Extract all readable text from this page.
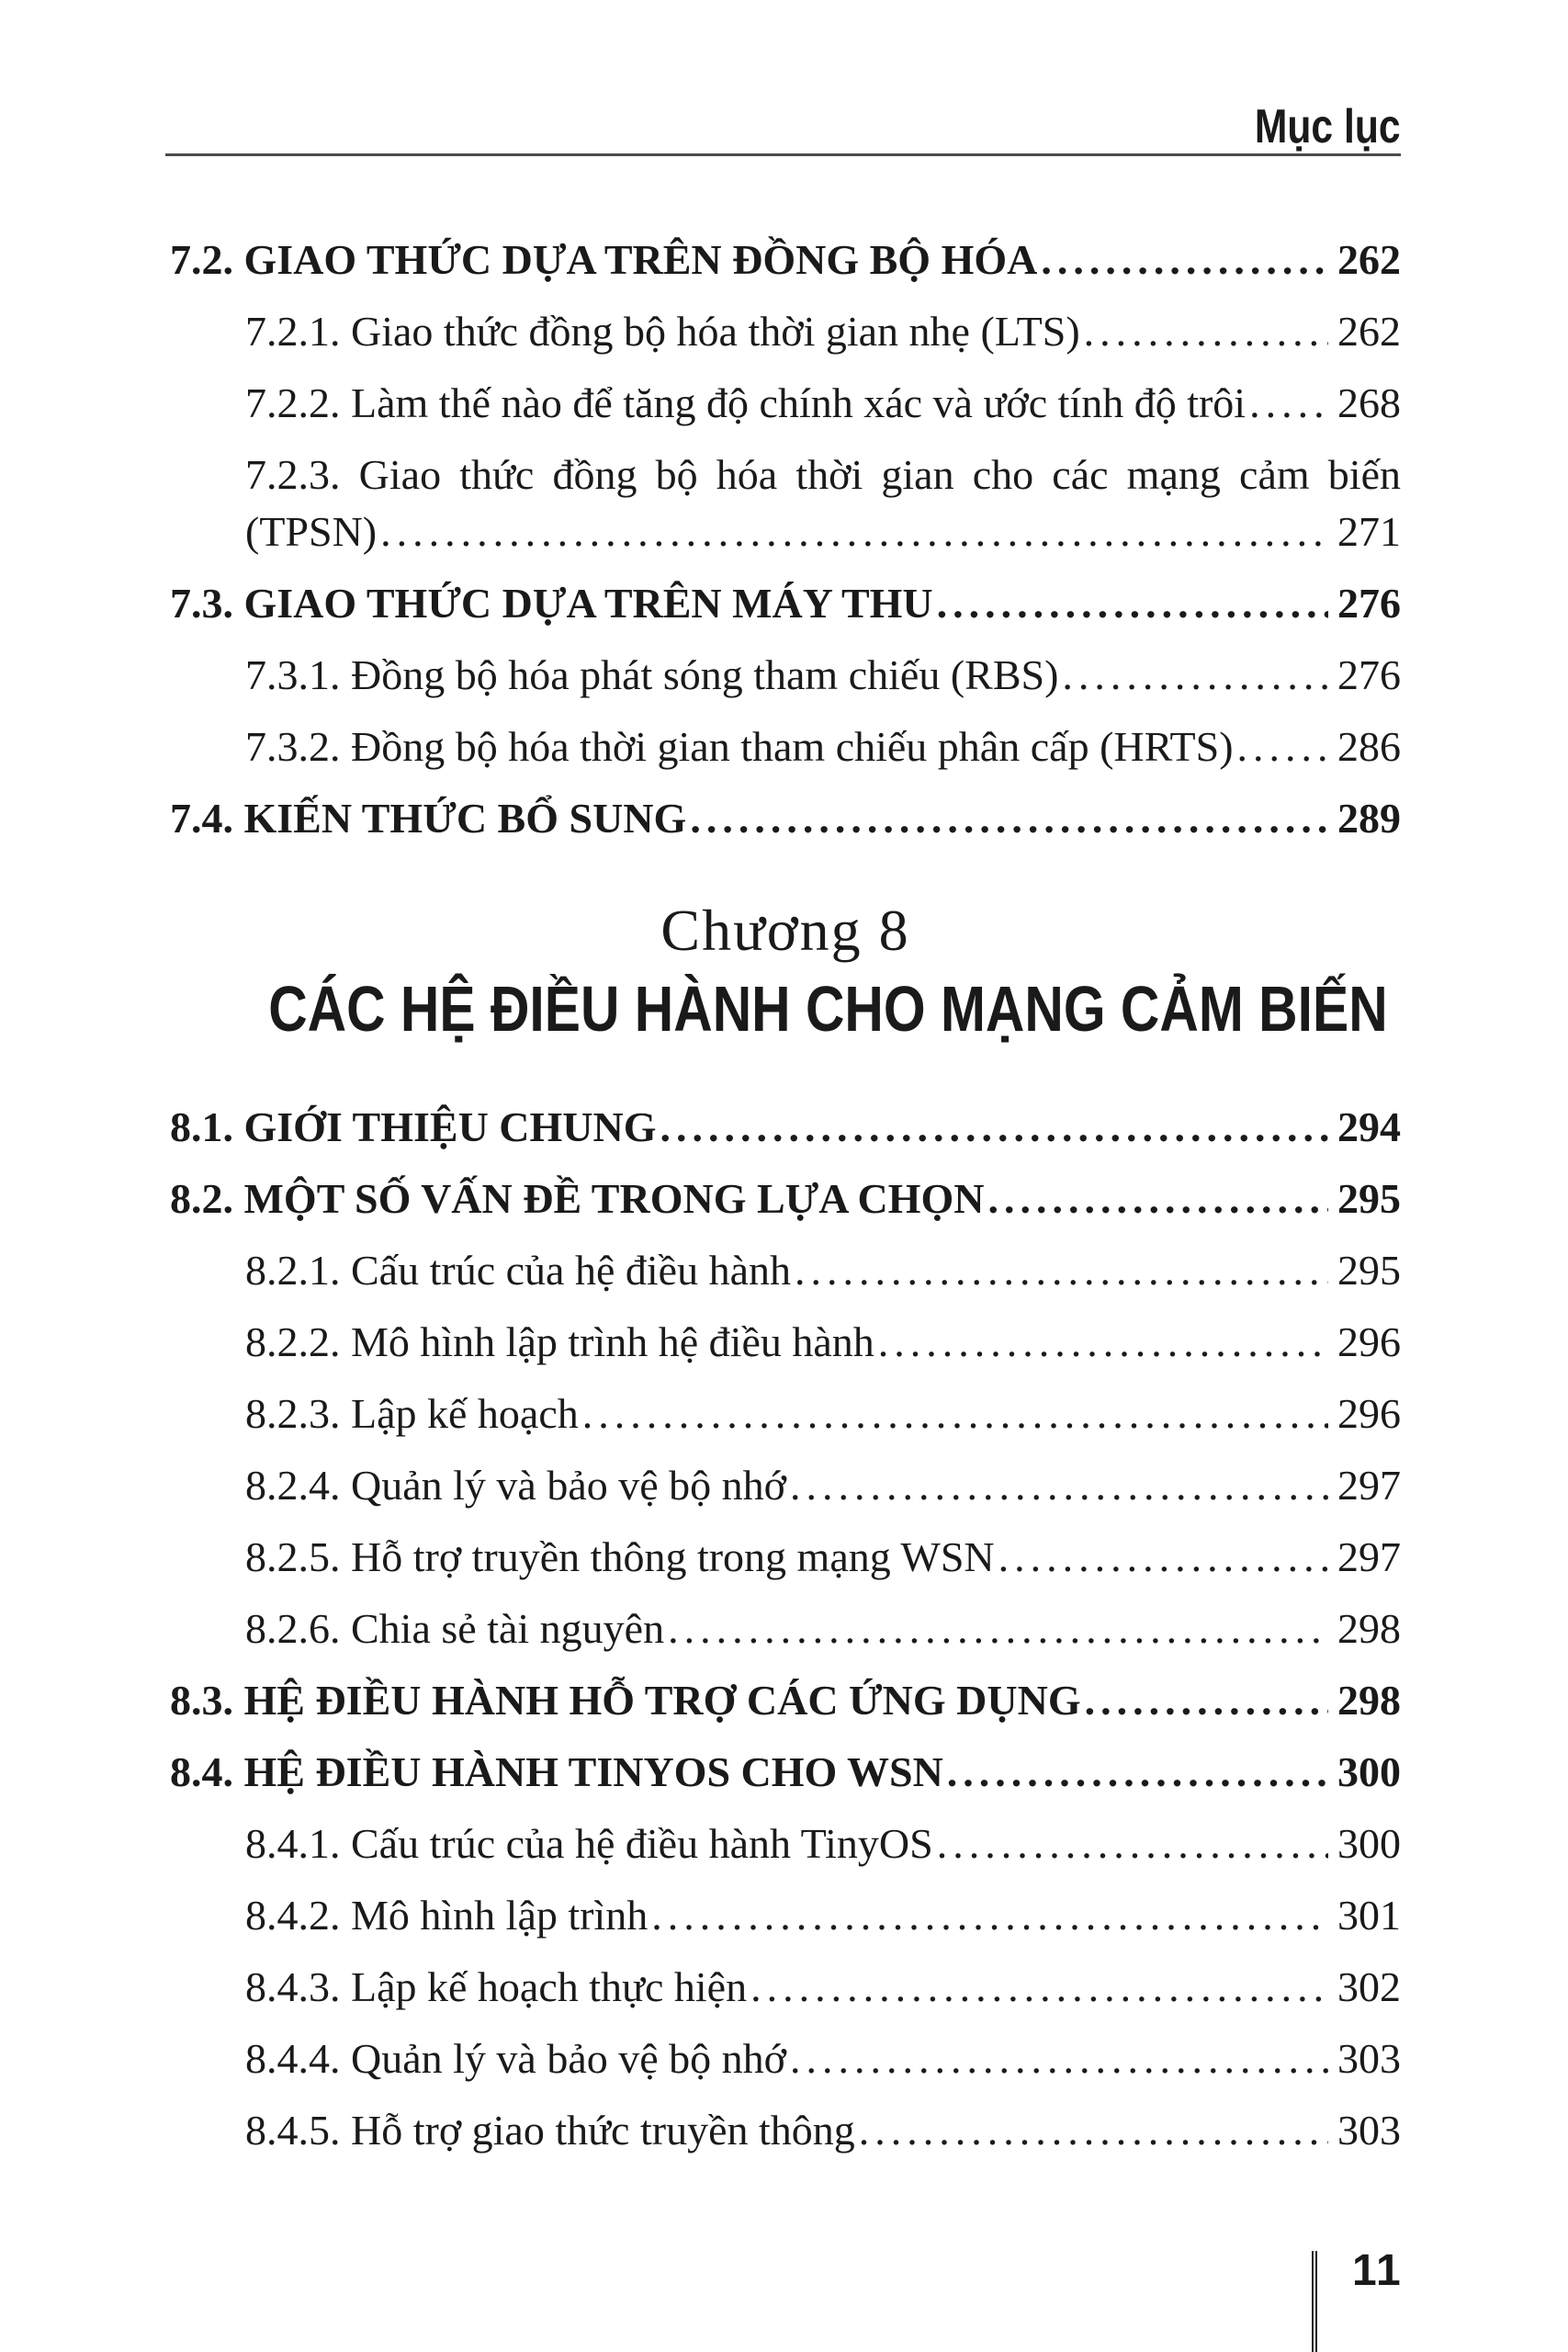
Mục lục
7.2. GIAO THỨC DỰA TRÊN ĐỒNG BỘ HÓA .....	262
7.2.1. Giao thức đồng bộ hóa thời gian nhẹ (LTS) .....	262
7.2.2. Làm thế nào để tăng độ chính xác và ước tính độ trôi ..... 268
7.2.3. Giao thức đồng bộ hóa thời gian cho các mạng cảm biến
(TPSN) .....	271
7.3. GIAO THỨC DỰA TRÊN MÁY THU .....	276
7.3.1. Đồng bộ hóa phát sóng tham chiếu (RBS) .....	276
7.3.2. Đồng bộ hóa thời gian tham chiếu phân cấp (HRTS) ..... 286
7.4. KIẾN THỨC BỔ SUNG .....	289
Chương 8
CÁC HỆ ĐIỀU HÀNH CHO MẠNG CẢM BIẾN
8.1. GIỚI THIỆU CHUNG .....	294
8.2. MỘT SỐ VẤN ĐỀ TRONG LỰA CHỌN .....	295
8.2.1. Cấu trúc của hệ điều hành .....	295
8.2.2. Mô hình lập trình hệ điều hành .....	296
8.2.3. Lập kế hoạch .....	296
8.2.4. Quản lý và bảo vệ bộ nhớ .....	297
8.2.5. Hỗ trợ truyền thông trong mạng WSN .....	297
8.2.6. Chia sẻ tài nguyên .....	298
8.3. HỆ ĐIỀU HÀNH HỖ TRỢ CÁC ỨNG DỤNG .....	298
8.4. HỆ ĐIỀU HÀNH TINYOS CHO WSN .....	300
8.4.1. Cấu trúc của hệ điều hành TinyOS .....	300
8.4.2. Mô hình lập trình .....	301
8.4.3. Lập kế hoạch thực hiện .....	302
8.4.4. Quản lý và bảo vệ bộ nhớ .....	303
8.4.5. Hỗ trợ giao thức truyền thông .....	303
11
